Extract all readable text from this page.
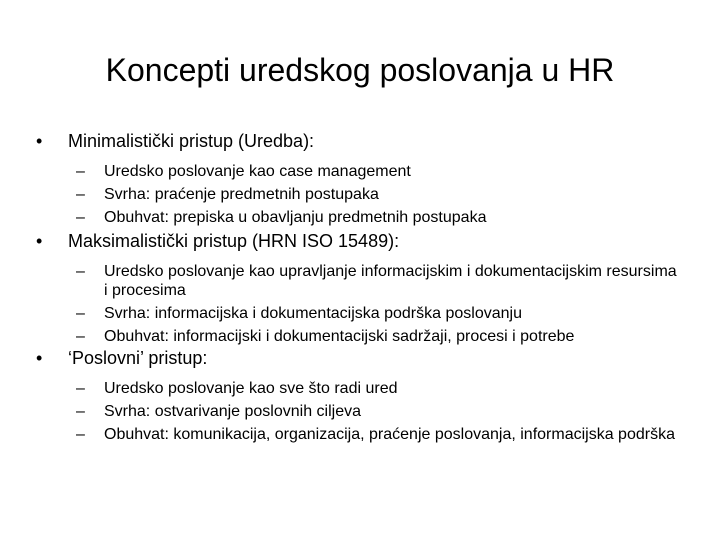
Koncepti uredskog poslovanja u HR
•	Minimalistički pristup (Uredba):
–	Uredsko poslovanje kao case management
–	Svrha: praćenje predmetnih postupaka
–	Obuhvat: prepiska u obavljanju predmetnih postupaka
•	Maksimalistički pristup (HRN ISO 15489):
–	Uredsko poslovanje kao upravljanje informacijskim i dokumentacijskim resursima i procesima
–	Svrha: informacijska i dokumentacijska podrška poslovanju
–	Obuhvat: informacijski i dokumentacijski sadržaji, procesi i potrebe
•	‘Poslovni’ pristup:
–	Uredsko poslovanje kao sve što radi ured
–	Svrha: ostvarivanje poslovnih ciljeva
–	Obuhvat: komunikacija, organizacija, praćenje poslovanja, informacijska podrška
